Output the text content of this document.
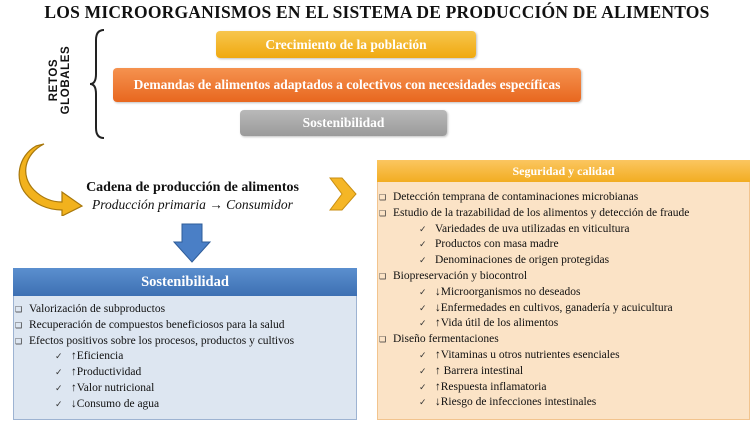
LOS MICROORGANISMOS EN EL SISTEMA DE PRODUCCIÓN DE ALIMENTOS
RETOS GLOBALES
Crecimiento de la población
Demandas de alimentos adaptados a colectivos con necesidades específicas
Sostenibilidad
Cadena de producción de alimentos
Producción primaria → Consumidor
Sostenibilidad
❑ Valorización de subproductos
❑ Recuperación de compuestos beneficiosos para la salud
❑ Efectos positivos sobre los procesos, productos y cultivos
✓ ↑Eficiencia
✓ ↑Productividad
✓ ↑Valor nutricional
✓ ↓Consumo de agua
Seguridad y calidad
❑ Detección temprana de contaminaciones microbianas
❑ Estudio de la trazabilidad de los alimentos y detección de fraude
✓ Variedades de uva utilizadas en viticultura
✓ Productos con masa madre
✓ Denominaciones de origen protegidas
❑ Biopreservación y biocontrol
✓ ↓Microorganismos no deseados
✓ ↓Enfermedades en cultivos, ganadería y acuicultura
✓ ↑Vida útil de los alimentos
❑ Diseño fermentaciones
✓ ↑Vitaminas u otros nutrientes esenciales
✓ ↑ Barrera intestinal
✓ ↑Respuesta inflamatoria
✓ ↓Riesgo de infecciones intestinales
